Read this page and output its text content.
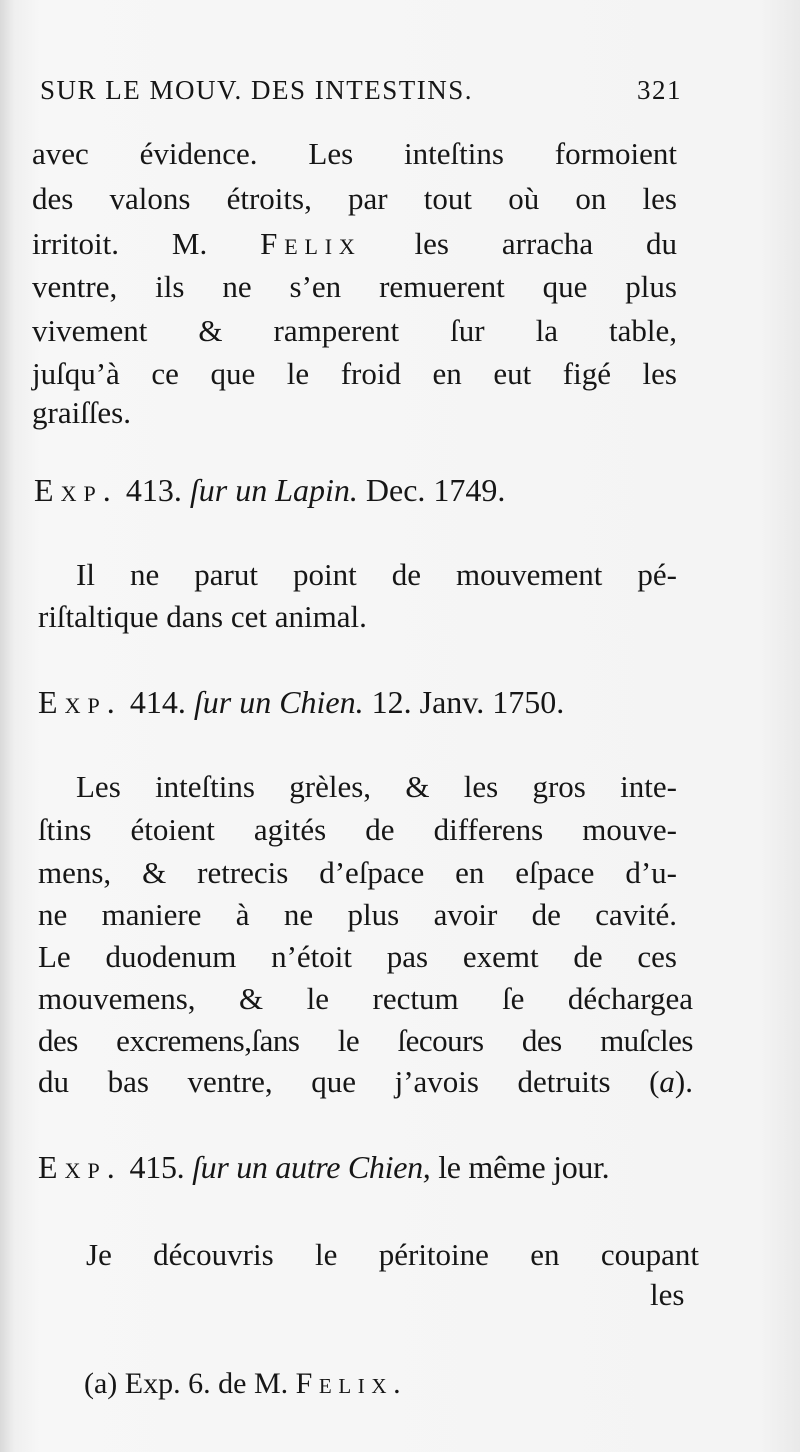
SUR LE MOUV. DES INTESTINS.	321
avec évidence. Les inteſtins formoient
des valons étroits, par tout où on les
irritoit. M. Felix les arracha du
ventre, ils ne s’en remuerent que plus
vivement & ramperent ſur la table,
juſqu’à ce que le froid en eut figé les
graiſſes.
Exp. 413. ſur un Lapin. Dec. 1749.
Il ne parut point de mouvement pé-
riſtaltique dans cet animal.
Exp. 414. ſur un Chien. 12. Janv. 1750.
Les inteſtins grèles, & les gros inte-
ſtins étoient agités de differens mouve-
mens, & retrecis d’eſpace en eſpace d’u-
ne maniere à ne plus avoir de cavité.
Le duodenum n’étoit pas exemt de ces
mouvemens, & le rectum ſe déchargea
des excremens,ſans le ſecours des muſcles
du bas ventre, que j’avois detruits (a).
Exp. 415. ſur un autre Chien, le même jour.
Je découvris le péritoine en coupant
les
(a) Exp. 6. de M. Felix.
